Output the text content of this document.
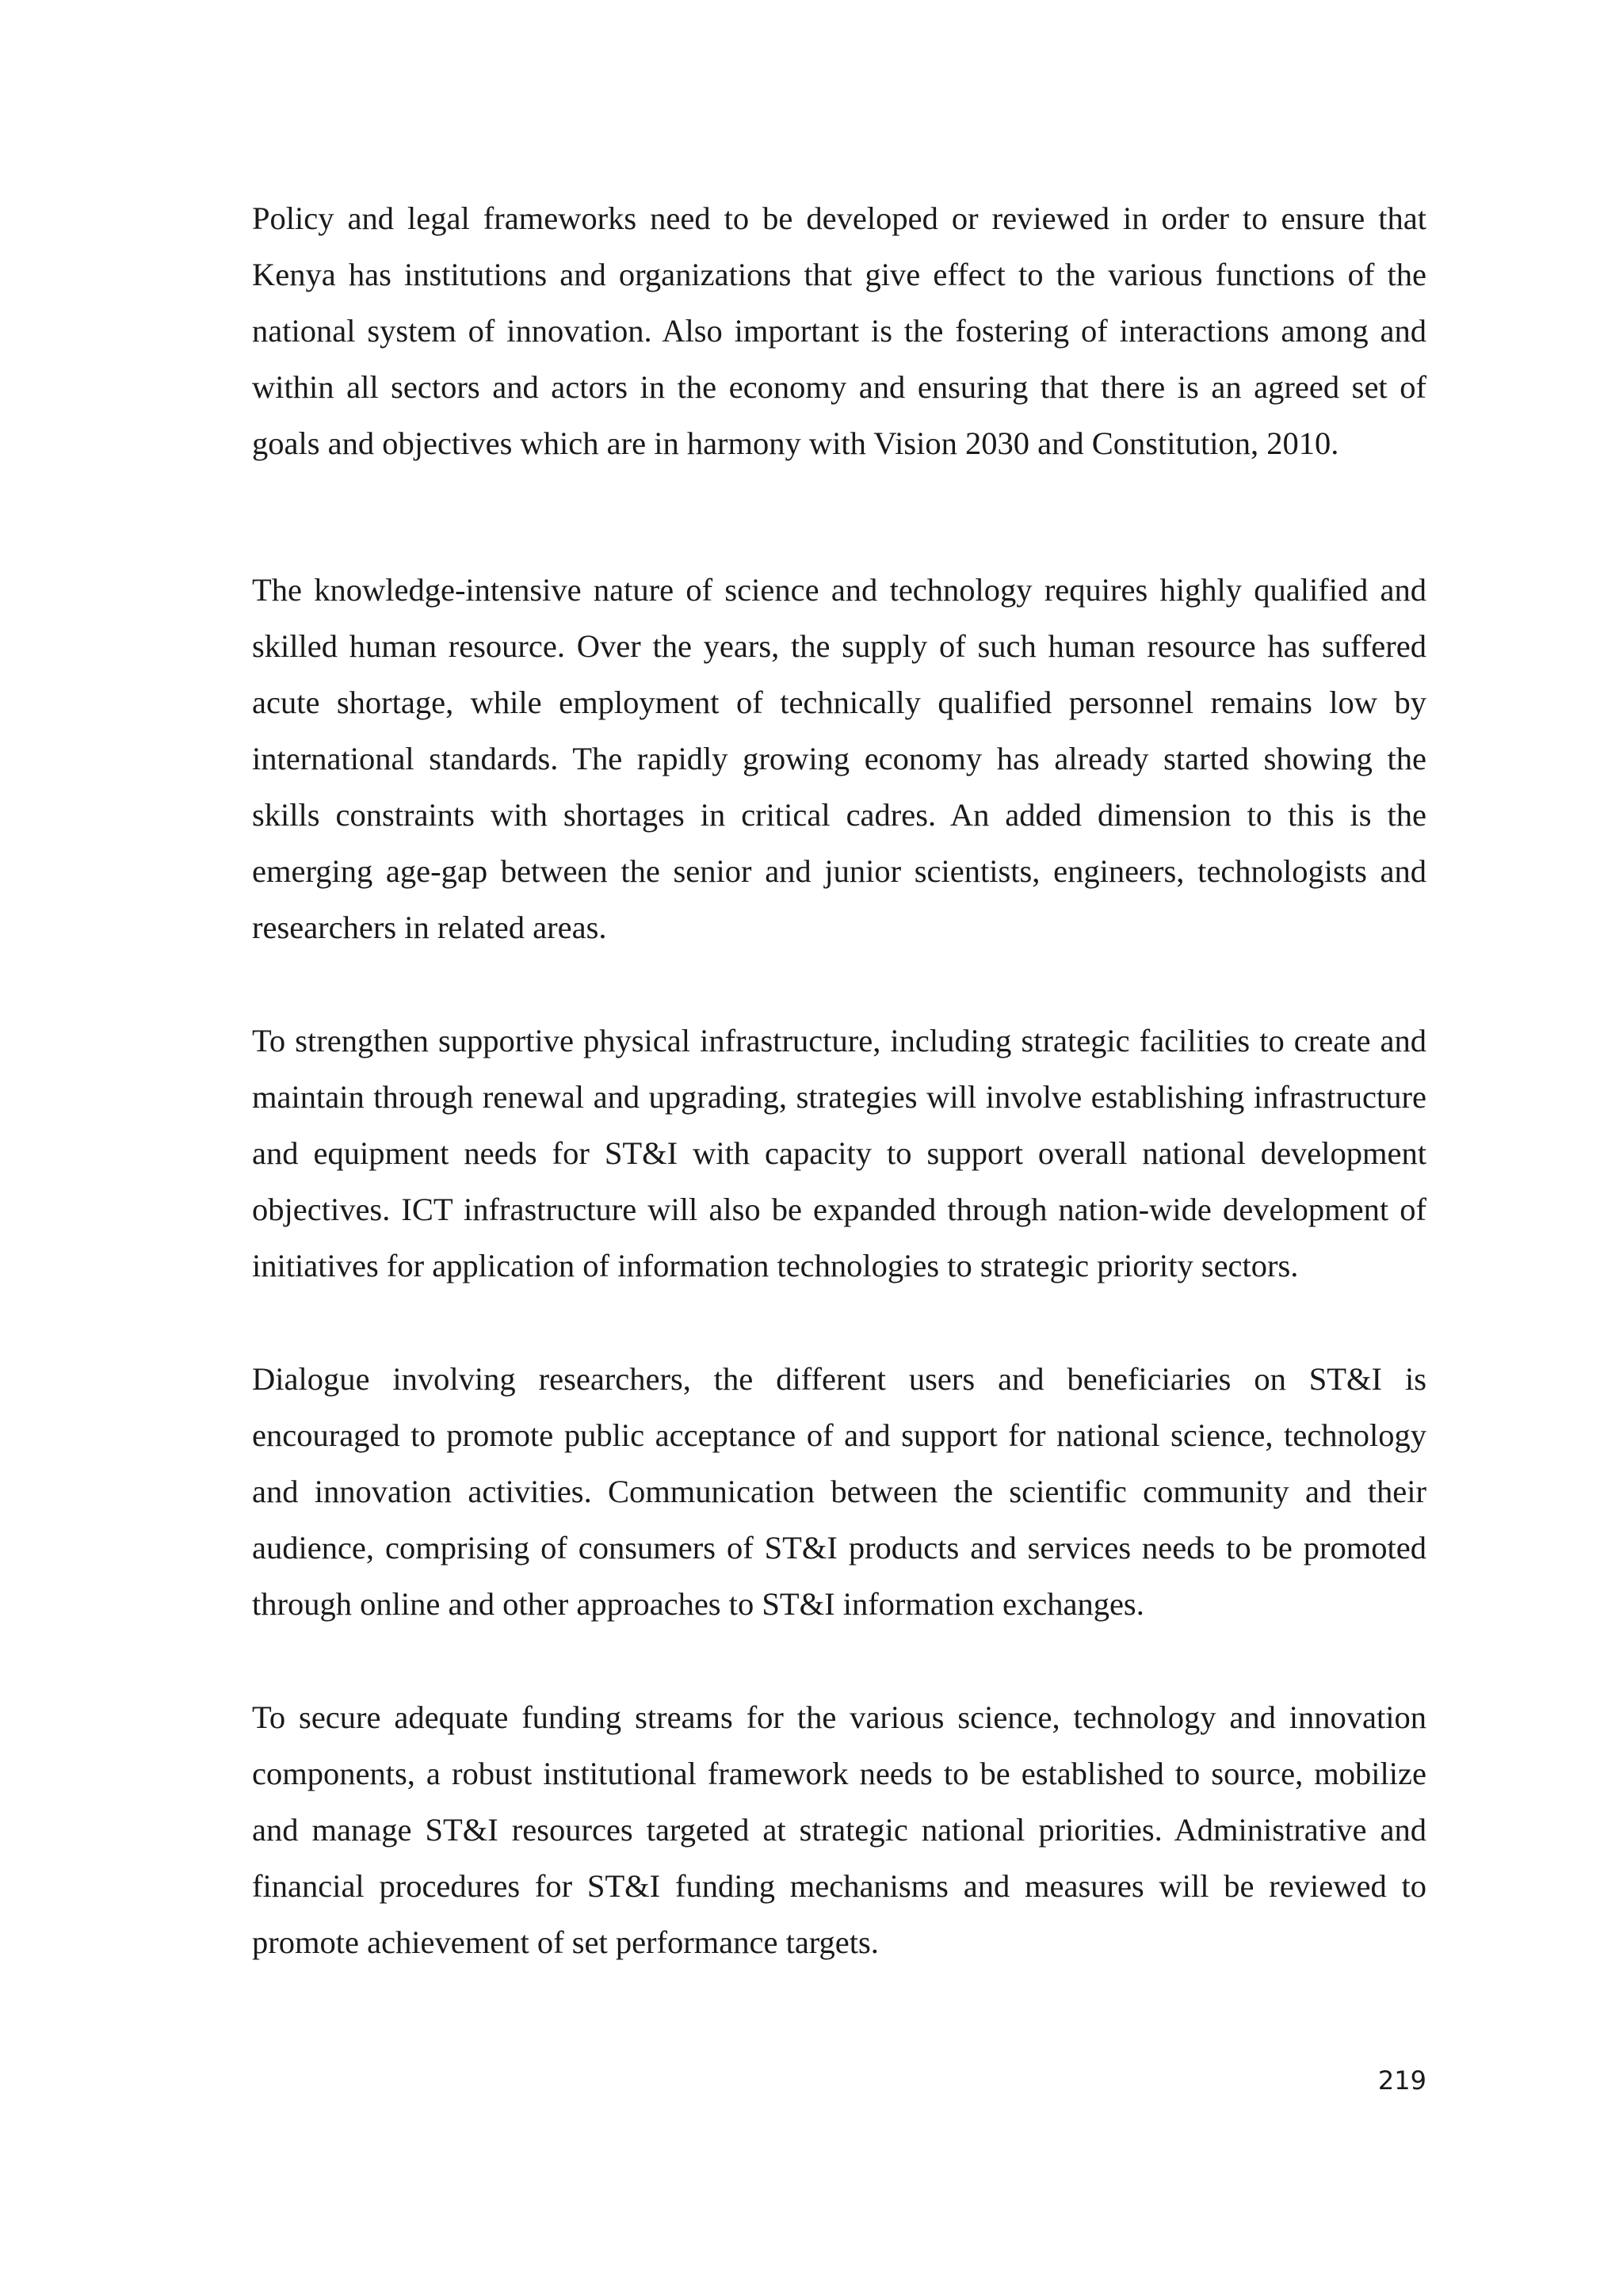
Policy and legal frameworks need to be developed or reviewed in order to ensure that Kenya has institutions and organizations that give effect to the various functions of the national system of innovation. Also important is the fostering of interactions among and within all sectors and actors in the economy and ensuring that there is an agreed set of goals and objectives which are in harmony with Vision 2030 and Constitution, 2010.

The knowledge-intensive nature of science and technology requires highly qualified and skilled human resource. Over the years, the supply of such human resource has suffered acute shortage, while employment of technically qualified personnel remains low by international standards. The rapidly growing economy has already started showing the skills constraints with shortages in critical cadres. An added dimension to this is the emerging age-gap between the senior and junior scientists, engineers, technologists and researchers in related areas.

To strengthen supportive physical infrastructure, including strategic facilities to create and maintain through renewal and upgrading, strategies will involve establishing infrastructure and equipment needs for ST&I with capacity to support overall national development objectives. ICT infrastructure will also be expanded through nation-wide development of initiatives for application of information technologies to strategic priority sectors.

Dialogue involving researchers, the different users and beneficiaries on ST&I is encouraged to promote public acceptance of and support for national science, technology and innovation activities. Communication between the scientific community and their audience, comprising of consumers of ST&I products and services needs to be promoted through online and other approaches to ST&I information exchanges.

To secure adequate funding streams for the various science, technology and innovation components, a robust institutional framework needs to be established to source, mobilize and manage ST&I resources targeted at strategic national priorities. Administrative and financial procedures for ST&I funding mechanisms and measures will be reviewed to promote achievement of set performance targets.

219
